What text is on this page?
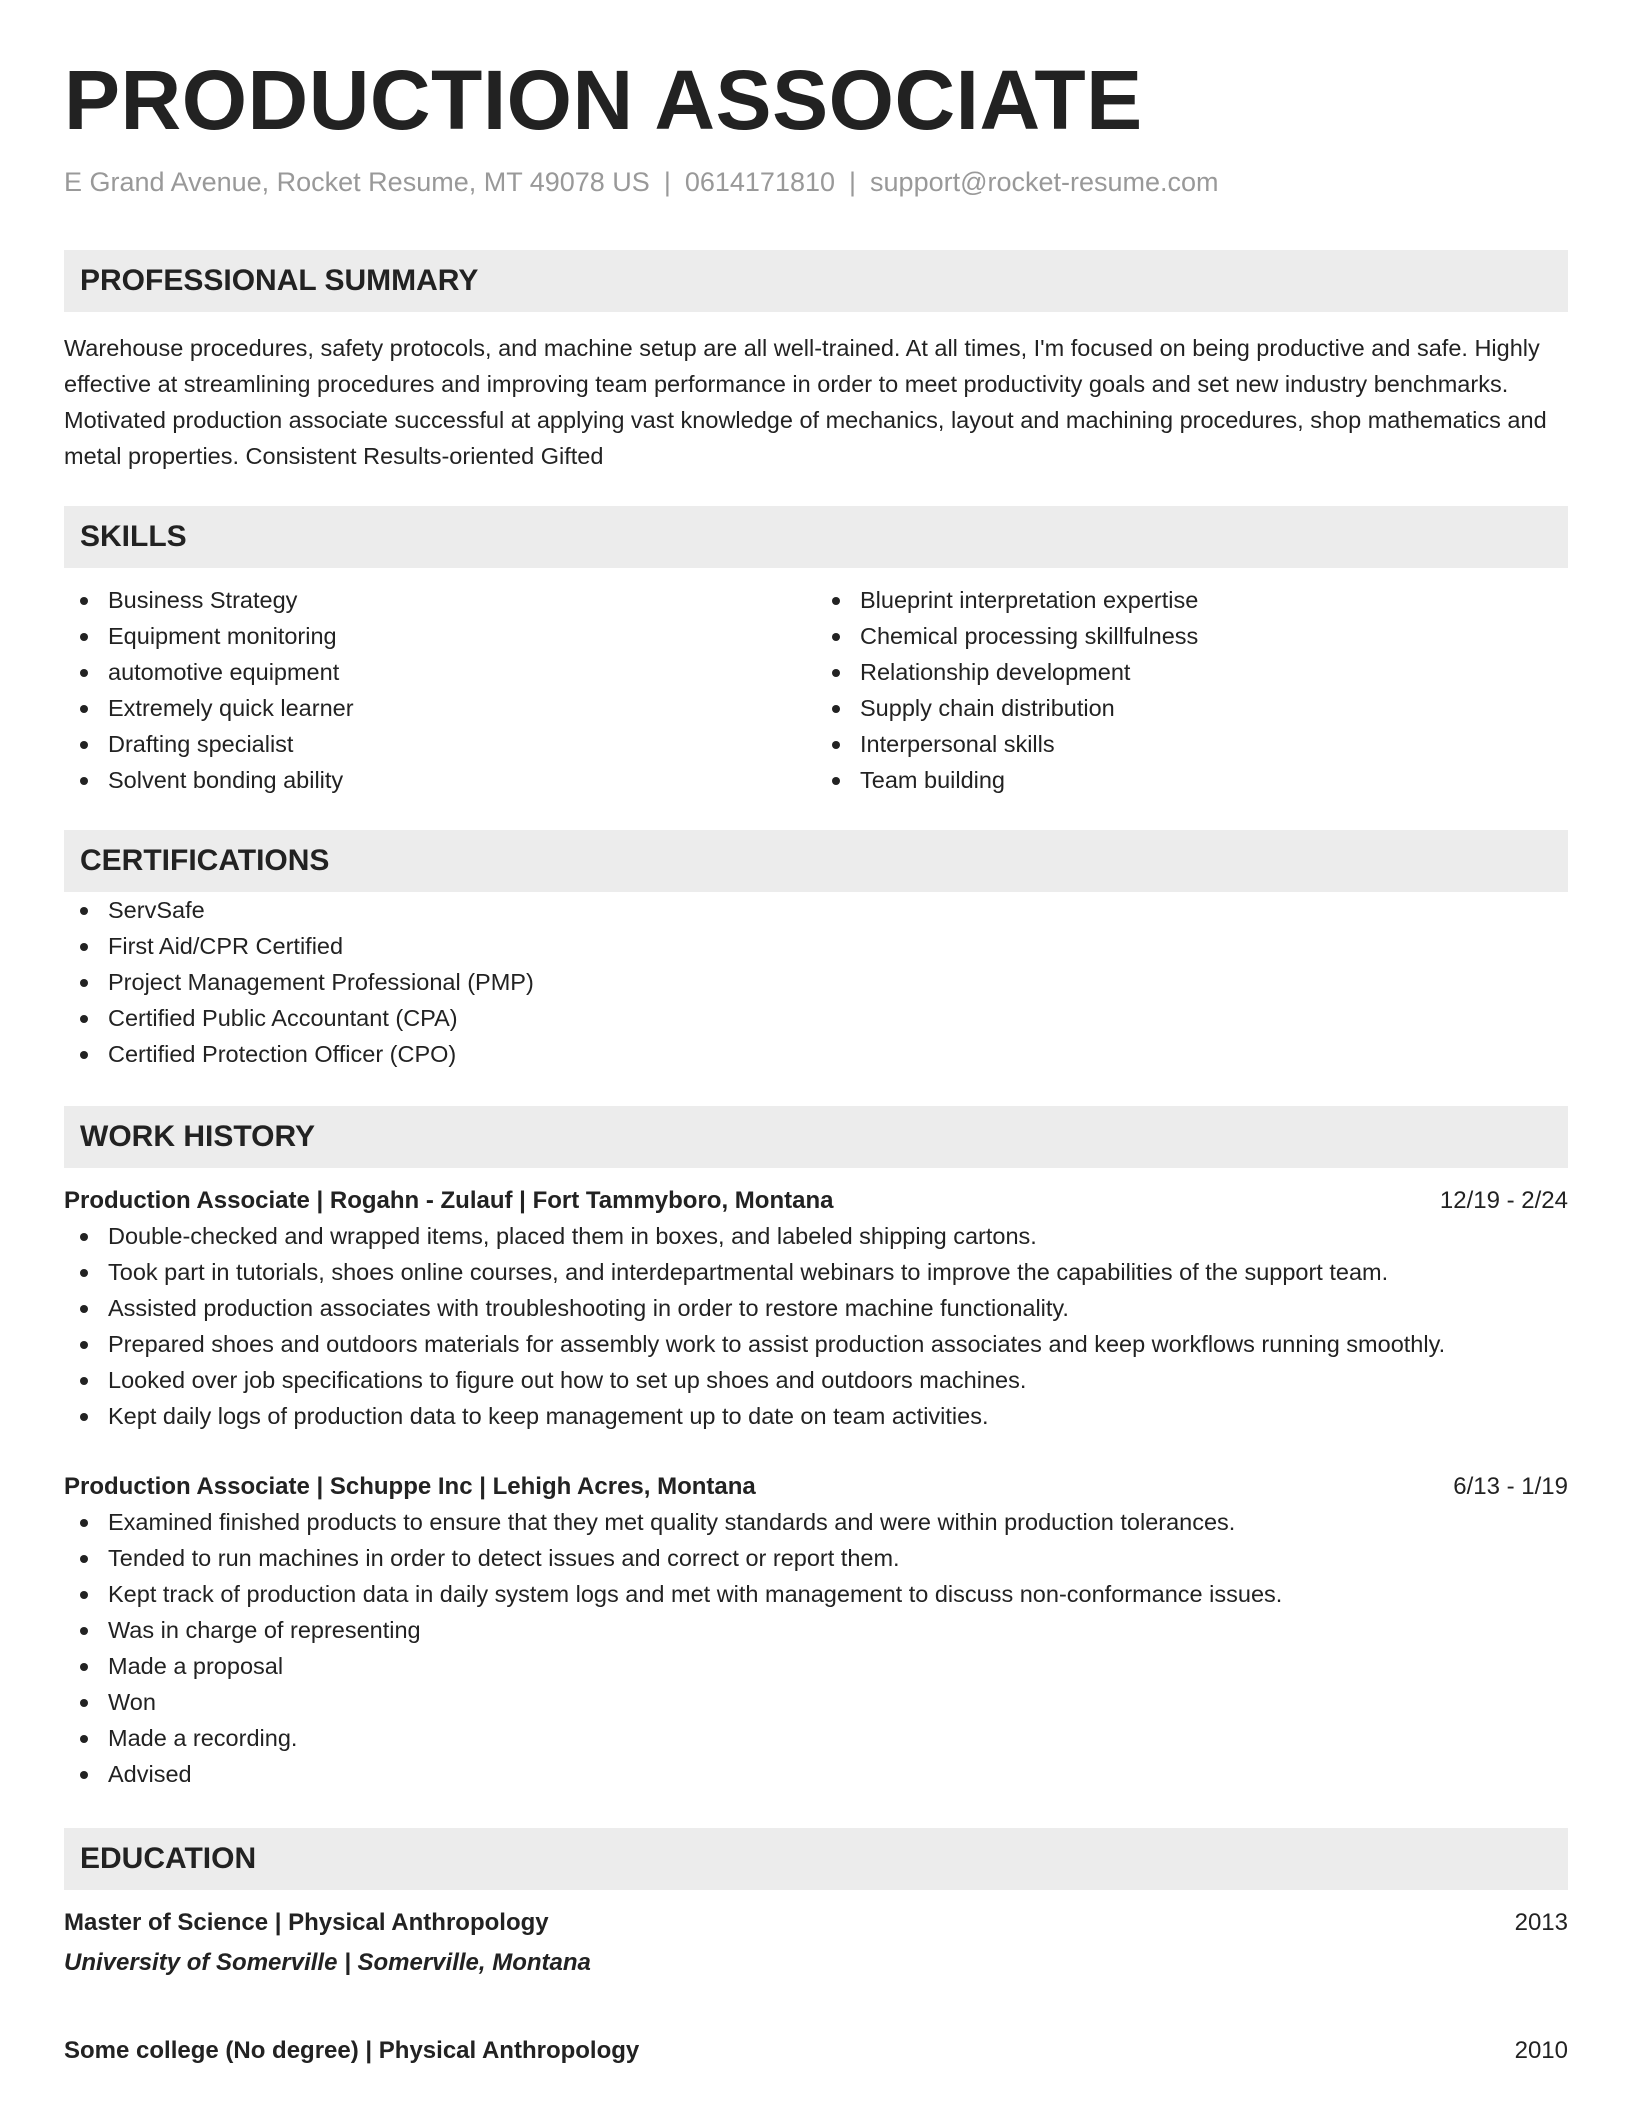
PRODUCTION ASSOCIATE
E Grand Avenue, Rocket Resume, MT 49078 US | 0614171810 | support@rocket-resume.com
PROFESSIONAL SUMMARY

Warehouse procedures, safety protocols, and machine setup are all well-trained. At all times, I'm focused on being productive and safe. Highly effective at streamlining procedures and improving team performance in order to meet productivity goals and set new industry benchmarks. Motivated production associate successful at applying vast knowledge of mechanics, layout and machining procedures, shop mathematics and metal properties. Consistent Results-oriented Gifted

SKILLS
Business Strategy
Equipment monitoring
automotive equipment
Extremely quick learner
Drafting specialist
Solvent bonding ability
Blueprint interpretation expertise
Chemical processing skillfulness
Relationship development
Supply chain distribution
Interpersonal skills
Team building
CERTIFICATIONS
ServSafe
First Aid/CPR Certified
Project Management Professional (PMP)
Certified Public Accountant (CPA)
Certified Protection Officer (CPO)
WORK HISTORY
Production Associate | Rogahn - Zulauf | Fort Tammyboro, Montana	12/19 - 2/24
Double-checked and wrapped items, placed them in boxes, and labeled shipping cartons.
Took part in tutorials, shoes online courses, and interdepartmental webinars to improve the capabilities of the support team.
Assisted production associates with troubleshooting in order to restore machine functionality.
Prepared shoes and outdoors materials for assembly work to assist production associates and keep workflows running smoothly.
Looked over job specifications to figure out how to set up shoes and outdoors machines.
Kept daily logs of production data to keep management up to date on team activities.
Production Associate | Schuppe Inc | Lehigh Acres, Montana	6/13 - 1/19
Examined finished products to ensure that they met quality standards and were within production tolerances.
Tended to run machines in order to detect issues and correct or report them.
Kept track of production data in daily system logs and met with management to discuss non-conformance issues.
Was in charge of representing
Made a proposal
Won
Made a recording.
Advised
EDUCATION
Master of Science | Physical Anthropology	2013
University of Somerville | Somerville, Montana
Some college (No degree) | Physical Anthropology	2010
